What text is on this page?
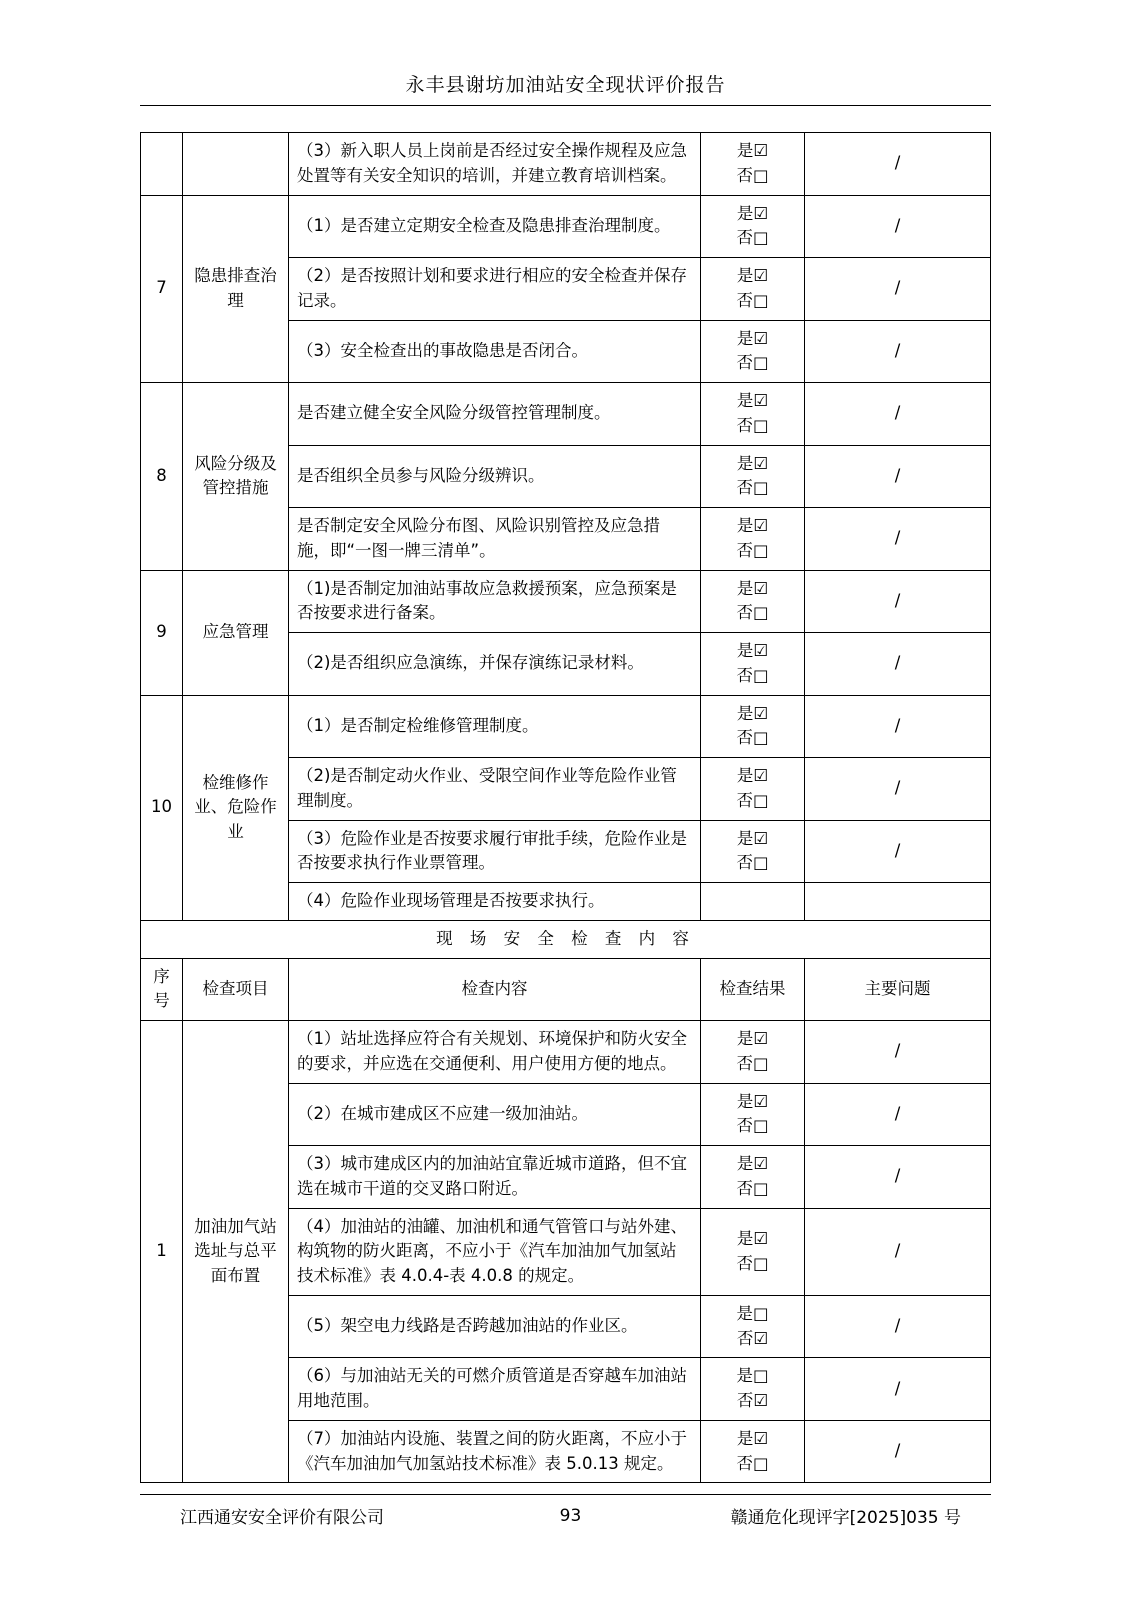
永丰县谢坊加油站安全现状评价报告
		（3）新入职人员上岗前是否经过安全操作规程及应急处置等有关安全知识的培训，并建立教育培训档案。	是☑
否□	/
7	隐患排查治理	（1）是否建立定期安全检查及隐患排查治理制度。	是☑
否□	/
		（2）是否按照计划和要求进行相应的安全检查并保存记录。	是☑
否□	/
		（3）安全检查出的事故隐患是否闭合。	是☑
否□	/
8	风险分级及管控措施	是否建立健全安全风险分级管控管理制度。	是☑
否□	/
		是否组织全员参与风险分级辨识。	是☑
否□	/
		是否制定安全风险分布图、风险识别管控及应急措施，即“一图一牌三清单”。	是☑
否□	/
9	应急管理	（1)是否制定加油站事故应急救援预案，应急预案是否按要求进行备案。	是☑
否□	/
		（2)是否组织应急演练，并保存演练记录材料。	是☑
否□	/
10	检维修作业、危险作业	（1）是否制定检维修管理制度。	是☑
否□	/
		（2)是否制定动火作业、受限空间作业等危险作业管理制度。	是☑
否□	/
		（3）危险作业是否按要求履行审批手续，危险作业是否按要求执行作业票管理。	是☑
否□	/
		（4）危险作业现场管理是否按要求执行。		
现 场 安 全 检 查 内 容				
序号	检查项目	检查内容	检查结果	主要问题
1	加油加气站选址与总平面布置	（1）站址选择应符合有关规划、环境保护和防火安全的要求，并应选在交通便利、用户使用方便的地点。	是☑
否□	/
		（2）在城市建成区不应建一级加油站。	是☑
否□	/
		（3）城市建成区内的加油站宜靠近城市道路，但不宜选在城市干道的交叉路口附近。	是☑
否□	/
		（4）加油站的油罐、加油机和通气管管口与站外建、构筑物的防火距离，不应小于《汽车加油加气加氢站技术标准》表 4.0.4-表 4.0.8 的规定。	是☑
否□	/
		（5）架空电力线路是否跨越加油站的作业区。	是□
否☑	/
		（6）与加油站无关的可燃介质管道是否穿越车加油站用地范围。	是□
否☑	/
		（7）加油站内设施、装置之间的防火距离，不应小于《汽车加油加气加氢站技术标准》表 5.0.13 规定。	是☑
否□	/
江西通安安全评价有限公司	93	赣通危化现评字[2025]035 号
